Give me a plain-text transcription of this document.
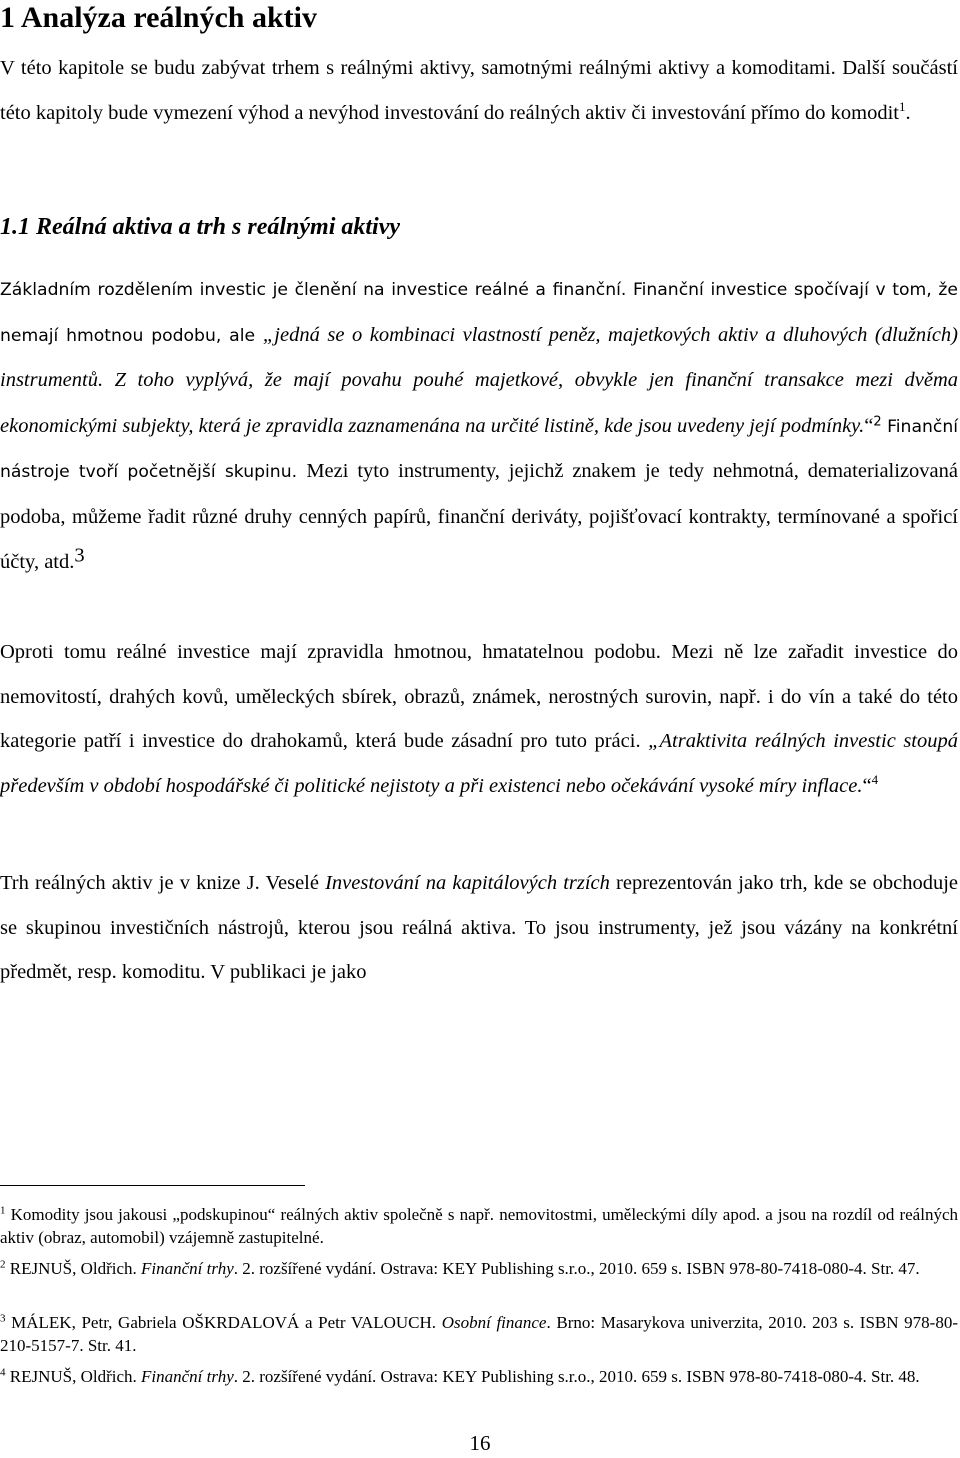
1 Analýza reálných aktiv

V této kapitole se budu zabývat trhem s reálnými aktivy, samotnými reálnými aktivy a komoditami. Další součástí této kapitoly bude vymezení výhod a nevýhod investování do reálných aktiv či investování přímo do komodit$^1$.

1.1 Reálná aktiva a trh s reálnými aktivy

Základním rozdělením investic je členění na investice reálné a finanční. Finanční investice spočívají v tom, že nemají hmotnou podobu, ale „jedná se o kombinaci vlastností peněz, majetkových aktiv a dluhových (dlužních) instrumentů. Z toho vyplývá, že mají povahu pouhé majetkové, obvykle jen finanční transakce mezi dvěma ekonomickými subjekty, která je zpravidla zaznamenána na určité listině, kde jsou uvedeny její podmínky.“$^2$ Finanční nástroje tvoří početnější skupinu. Mezi tyto instrumenty, jejichž znakem je tedy nehmotná, dematerializovaná podoba, můžeme řadit různé druhy cenných papírů, finanční deriváty, pojišťovací kontrakty, termínované a spořicí účty, atd.$^3$

Oproti tomu reálné investice mají zpravidla hmotnou, hmatatelnou podobu. Mezi ně lze zařadit investice do nemovitostí, drahých kovů, uměleckých sbírek, obrazů, známek, nerostných surovin, např. i do vín a také do této kategorie patří i investice do drahokamů, která bude zásadní pro tuto práci. „Atraktivita reálných investic stoupá především v období hospodářské či politické nejistoty a při existenci nebo očekávání vysoké míry inflace.“$^4$

Trh reálných aktiv je v knize J. Veselé Investování na kapitálových trzích reprezentován jako trh, kde se obchoduje se skupinou investičních nástrojů, kterou jsou reálná aktiva. To jsou instrumenty, jež jsou vázány na konkrétní předmět, resp. komoditu. V publikaci je jako

$^1$ Komodity jsou jakousi „podskupinou“ reálných aktiv společně s např. nemovitostmi, uměleckými díly apod. a jsou na rozdíl od reálných aktiv (obraz, automobil) vzájemně zastupitelné.

$^2$ REJNUŠ, Oldřich. Finanční trhy. 2. rozšířené vydání. Ostrava: KEY Publishing s.r.o., 2010. 659 s. ISBN 978-80-7418-080-4. Str. 47.

$^3$ MÁLEK, Petr, Gabriela OŠKRDALOVÁ a Petr VALOUCH. Osobní finance. Brno: Masarykova univerzita, 2010. 203 s. ISBN 978-80-210-5157-7. Str. 41.

$^4$ REJNUŠ, Oldřich. Finanční trhy. 2. rozšířené vydání. Ostrava: KEY Publishing s.r.o., 2010. 659 s. ISBN 978-80-7418-080-4. Str. 48.

16
